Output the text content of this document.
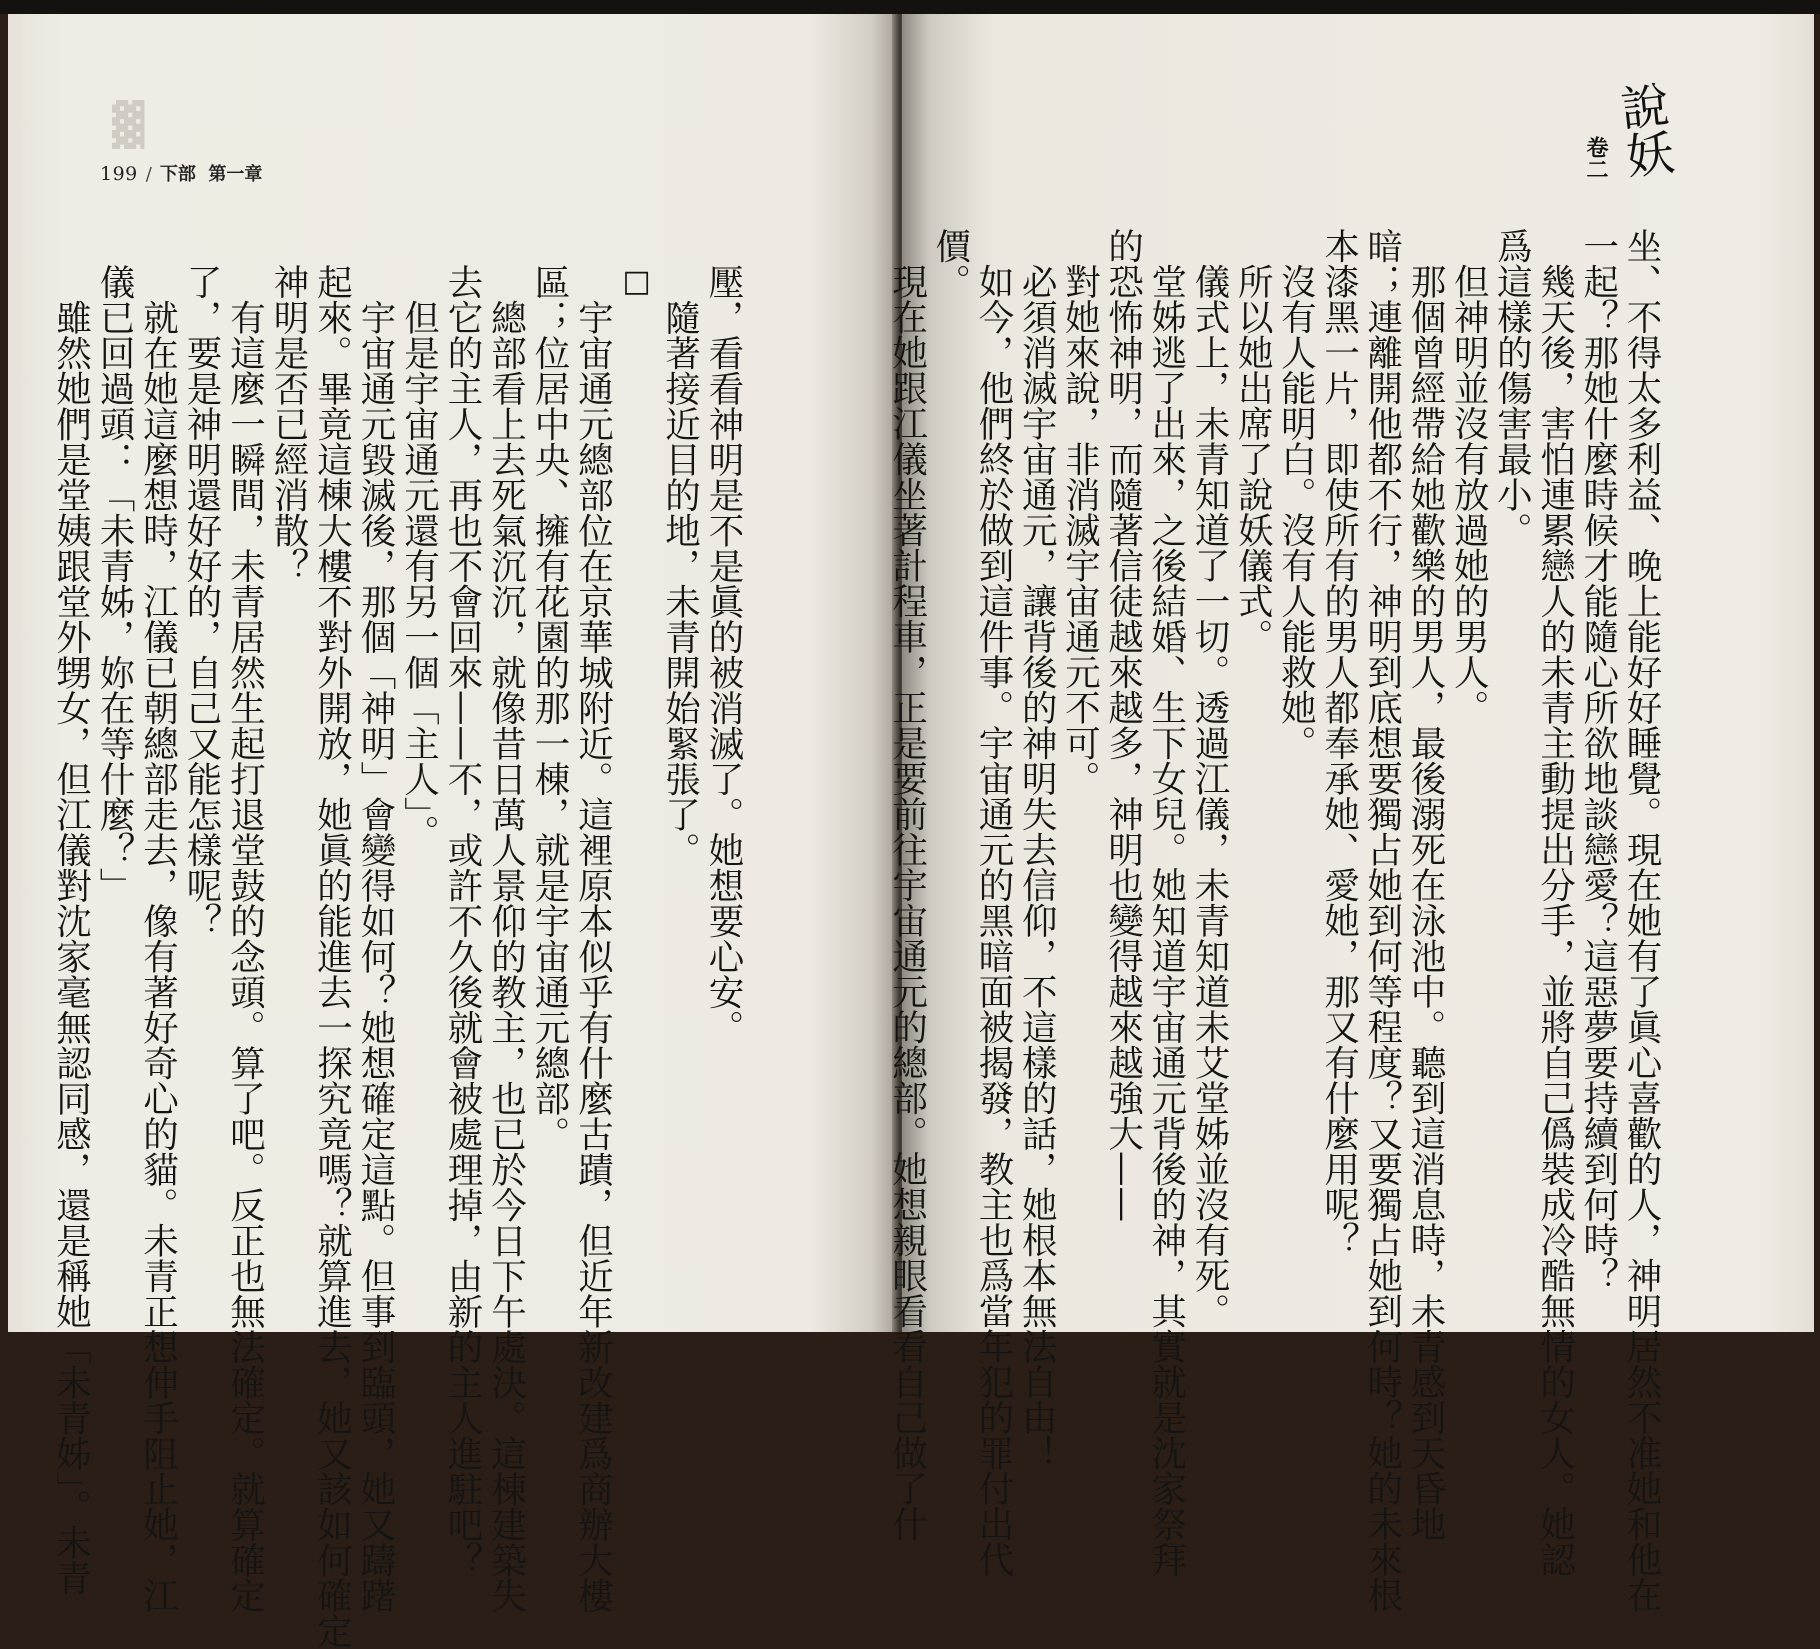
▓
199 / 下部 第一章
壓，看看神明是不是眞的被消滅了。她想要心安。
　隨著接近目的地，未青開始緊張了。
□
　宇宙通元總部位在京華城附近。這裡原本似乎有什麼古蹟，但近年新改建爲商辦大樓
區；位居中央、擁有花園的那一棟，就是宇宙通元總部。
　總部看上去死氣沉沉，就像昔日萬人景仰的教主，也已於今日下午處決。這棟建築失
去它的主人，再也不會回來——不，或許不久後就會被處理掉，由新的主人進駐吧？
　但是宇宙通元還有另一個「主人」。
　宇宙通元毀滅後，那個「神明」會變得如何？她想確定這點。但事到臨頭，她又躊躇
起來。畢竟這棟大樓不對外開放，她眞的能進去一探究竟嗎？就算進去，她又該如何確定
神明是否已經消散？
　有這麼一瞬間，未青居然生起打退堂鼓的念頭。算了吧。反正也無法確定。就算確定
了，要是神明還好好的，自己又能怎樣呢？
　就在她這麼想時，江儀已朝總部走去，像有著好奇心的貓。未青正想伸手阻止她，江
儀已回過頭：「未青姊，妳在等什麼？」
　雖然她們是堂姨跟堂外甥女，但江儀對沈家毫無認同感，還是稱她「未青姊」。未青
說妖
卷二
坐、不得太多利益、晚上能好好睡覺。現在她有了眞心喜歡的人，神明居然不准她和他在
一起？那她什麼時候才能隨心所欲地談戀愛？這惡夢要持續到何時？
　幾天後，害怕連累戀人的未青主動提出分手，並將自己僞裝成冷酷無情的女人。她認
爲這樣的傷害最小。
　但神明並沒有放過她的男人。
　那個曾經帶給她歡樂的男人，最後溺死在泳池中。聽到這消息時，未青感到天昏地
暗；連離開他都不行，神明到底想要獨占她到何等程度？又要獨占她到何時？她的未來根
本漆黑一片，即使所有的男人都奉承她、愛她，那又有什麼用呢？
　沒有人能明白。沒有人能救她。
　所以她出席了說妖儀式。
　儀式上，未青知道了一切。透過江儀，未青知道未艾堂姊並沒有死。
　堂姊逃了出來，之後結婚、生下女兒。她知道宇宙通元背後的神，其實就是沈家祭拜
的恐怖神明，而隨著信徒越來越多，神明也變得越來越強大——
　對她來說，非消滅宇宙通元不可。
　必須消滅宇宙通元，讓背後的神明失去信仰，不這樣的話，她根本無法自由！
　如今，他們終於做到這件事。宇宙通元的黑暗面被揭發，教主也爲當年犯的罪付出代
價。
　現在她跟江儀坐著計程車，正是要前往宇宙通元的總部。她想親眼看看自己做了什
